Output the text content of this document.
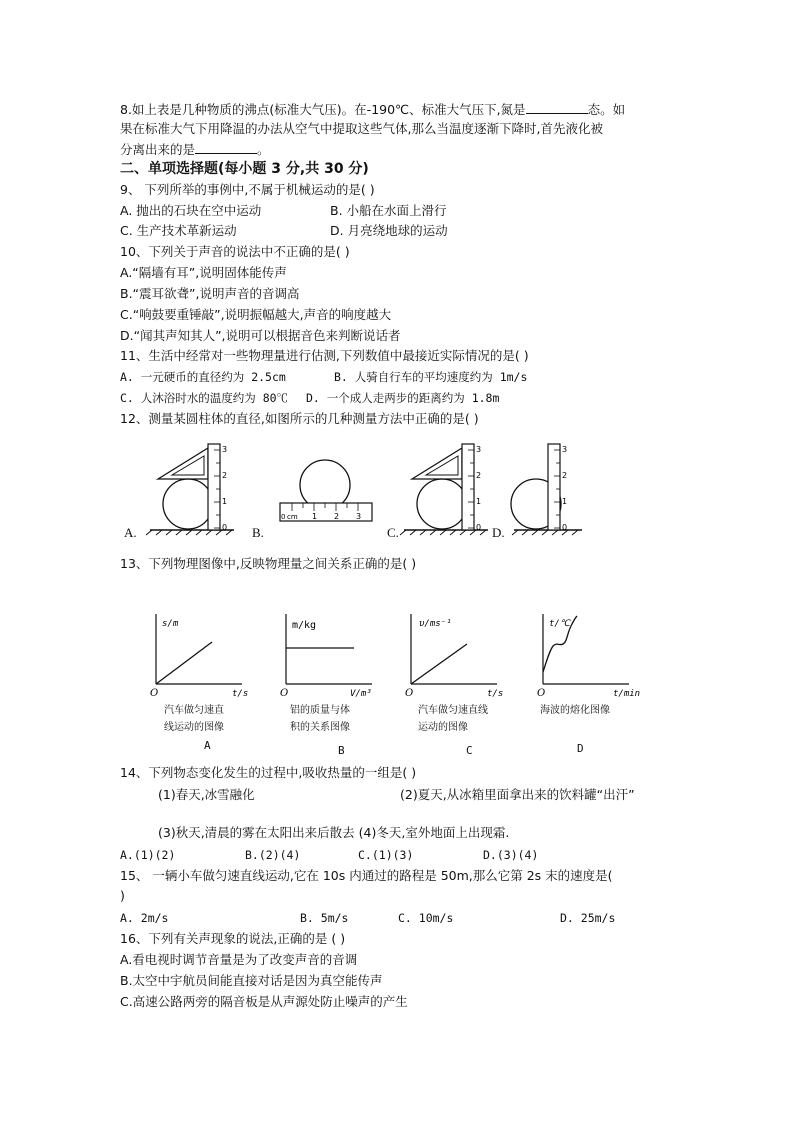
8.如上表是几种物质的沸点(标准大气压)。在-190℃、标准大气压下,氮是	态。如
果在标准大气下用降温的办法从空气中提取这些气体,那么当温度逐渐下降时,首先液化被
分离出来的是	。
二、单项选择题(每小题 3 分,共 30 分)
9、 下列所举的事例中,不属于机械运动的是( )
A. 抛出的石块在空中运动	B. 小船在水面上滑行
C. 生产技术革新运动	D. 月亮绕地球的运动
10、下列关于声音的说法中不正确的是( )
A.“隔墙有耳”,说明固体能传声
B.“震耳欲聋”,说明声音的音调高
C.“响鼓要重锤敲”,说明振幅越大,声音的响度越大
D.“闻其声知其人”,说明可以根据音色来判断说话者
11、生活中经常对一些物理量进行估测,下列数值中最接近实际情况的是( )
A. 一元硬币的直径约为 2.5cm	B. 人骑自行车的平均速度约为 1m/s
C. 人沐浴时水的温度约为 80℃ D. 一个成人走两步的距离约为 1.8m
12、测量某圆柱体的直径,如图所示的几种测量方法中正确的是( )
0
1
2
3
A.
0 cm 1 2 3
B.	0
1
2
3
C.	0
1
2
3
D.
13、下列物理图像中,反映物理量之间关系正确的是( )
s/m
t/s
O
汽车做匀速直
线运动的图像
A
m/kg
V/m³
O
铝的质量与体
积的关系图像
B
υ/ms⁻¹
t/s
O
汽车做匀速直线
运动的图像
C
t/℃
t/min
O
海波的熔化图像
D
14、下列物态变化发生的过程中,吸收热量的一组是( )
(1)春天,冰雪融化	(2)夏天,从冰箱里面拿出来的饮料罐“出汗”
(3)秋天,清晨的雾在太阳出来后散去 (4)冬天,室外地面上出现霜.
A.(1)(2)	B.(2)(4)	C.(1)(3)	D.(3)(4)
15、 一辆小车做匀速直线运动,它在 10s 内通过的路程是 50m,那么它第 2s 末的速度是(
)
A. 2m/s	B. 5m/s	C. 10m/s	D. 25m/s
16、下列有关声现象的说法,正确的是 ( )
A.看电视时调节音量是为了改变声音的音调
B.太空中宇航员间能直接对话是因为真空能传声
C.高速公路两旁的隔音板是从声源处防止噪声的产生
